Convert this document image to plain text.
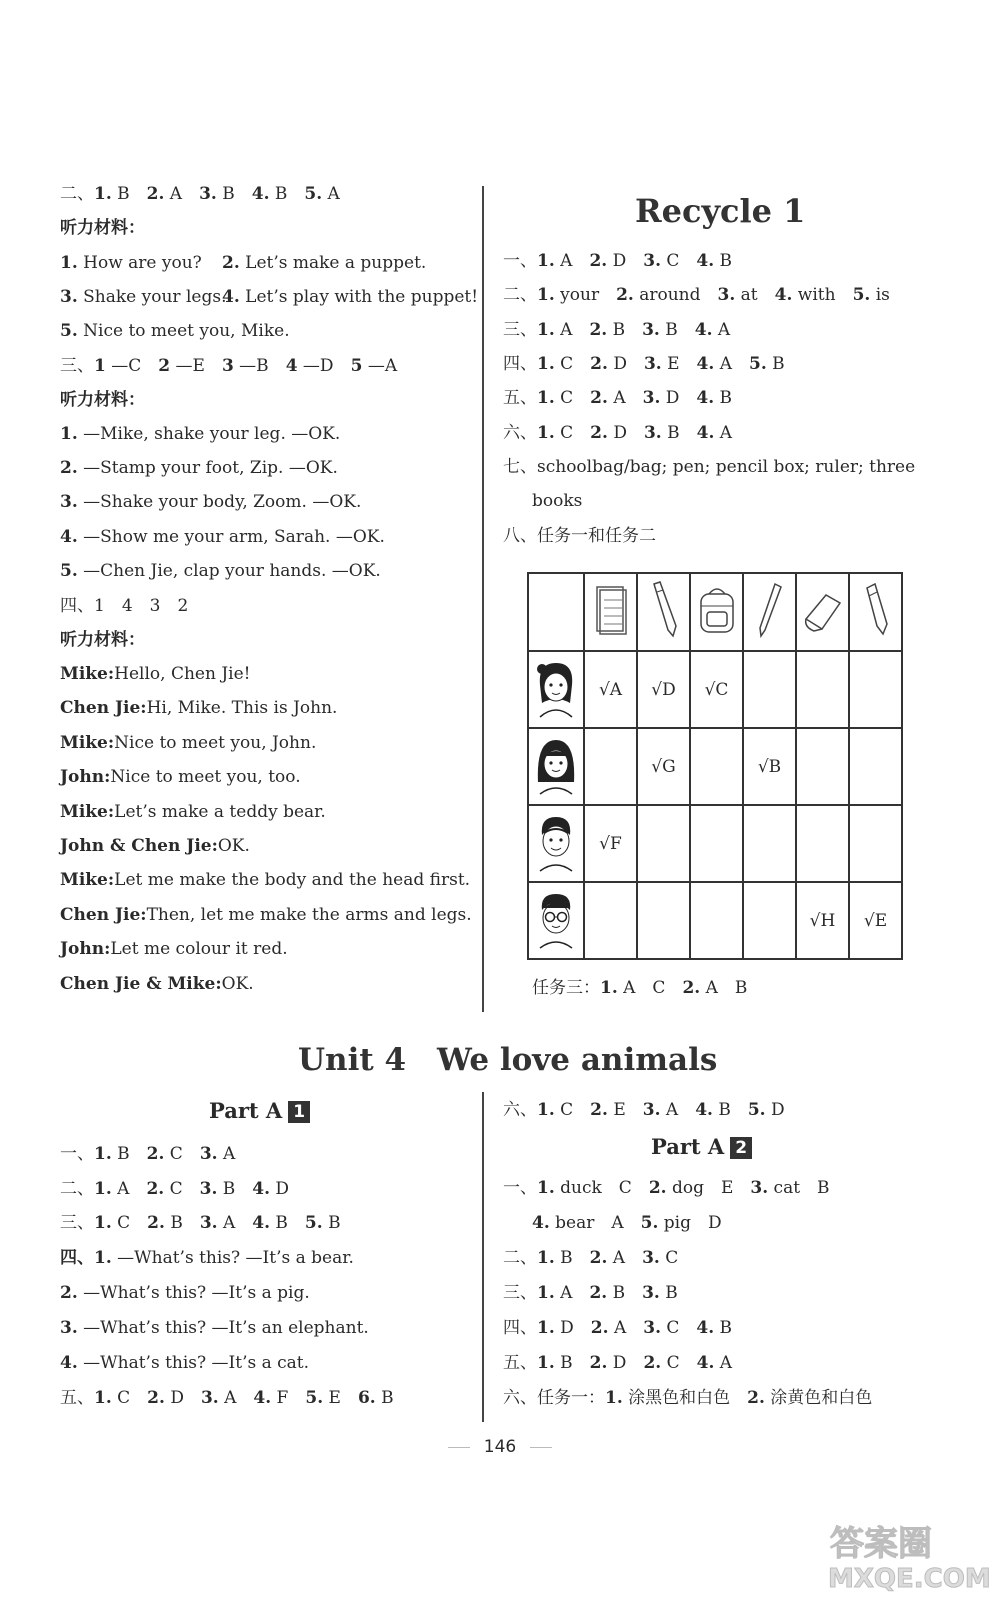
二、1. B　2. A　3. B　4. B　5. A
听力材料：
1. How are you? 2. Let’s make a puppet.
3. Shake your legs.
4. Let’s play with the puppet!
5. Nice to meet you, Mike.
三、1 —C　2 —E　3 —B　4 —D　5 —A
听力材料：
1. —Mike, shake your leg. —OK.
2. —Stamp your foot, Zip. —OK.
3. —Shake your body, Zoom. —OK.
4. —Show me your arm, Sarah. —OK.
5. —Chen Jie, clap your hands. —OK.
四、1　4　3　2
听力材料：
Mike:Hello, Chen Jie!
Chen Jie:Hi, Mike. This is John.
Mike:Nice to meet you, John.
John:Nice to meet you, too.
Mike:Let’s make a teddy bear.
John & Chen Jie:OK.
Mike:Let me make the body and the head first.
Chen Jie:Then, let me make the arms and legs.
John:Let me colour it red.
Chen Jie & Mike:OK.
Recycle 1
一、1. A　2. D　3. C　4. B
二、1. your　2. around　3. at　4. with　5. is
三、1. A　2. B　3. B　4. A
四、1. C　2. D　3. E　4. A　5. B
五、1. C　2. A　3. D　4. B
六、1. C　2. D　3. B　4. A
七、schoolbag/bag; pen; pencil box; ruler; three
books
八、任务一和任务二

	√A	√D	√C			
		√G		√B		
	√F					
					√H	√E
任务三：1. A　C　2. A　B
Unit 4　We love animals
Part A 1
一、1. B　2. C　3. A
二、1. A　2. C　3. B　4. D
三、1. C　2. B　3. A　4. B　5. B
四、1. —What’s this? —It’s a bear.
2. —What’s this? —It’s a pig.
3. —What’s this? —It’s an elephant.
4. —What’s this? —It’s a cat.
五、1. C　2. D　3. A　4. F　5. E　6. B
六、1. C　2. E　3. A　4. B　5. D
Part A 2
一、1. duck　C　2. dog　E　3. cat　B
4. bear　A　5. pig　D
二、1. B　2. A　3. C
三、1. A　2. B　3. B
四、1. D　2. A　3. C　4. B
五、1. B　2. D　2. C　4. A
六、任务一：1. 涂黑色和白色　2. 涂黄色和白色
146
答案圈
MXQE.COM
